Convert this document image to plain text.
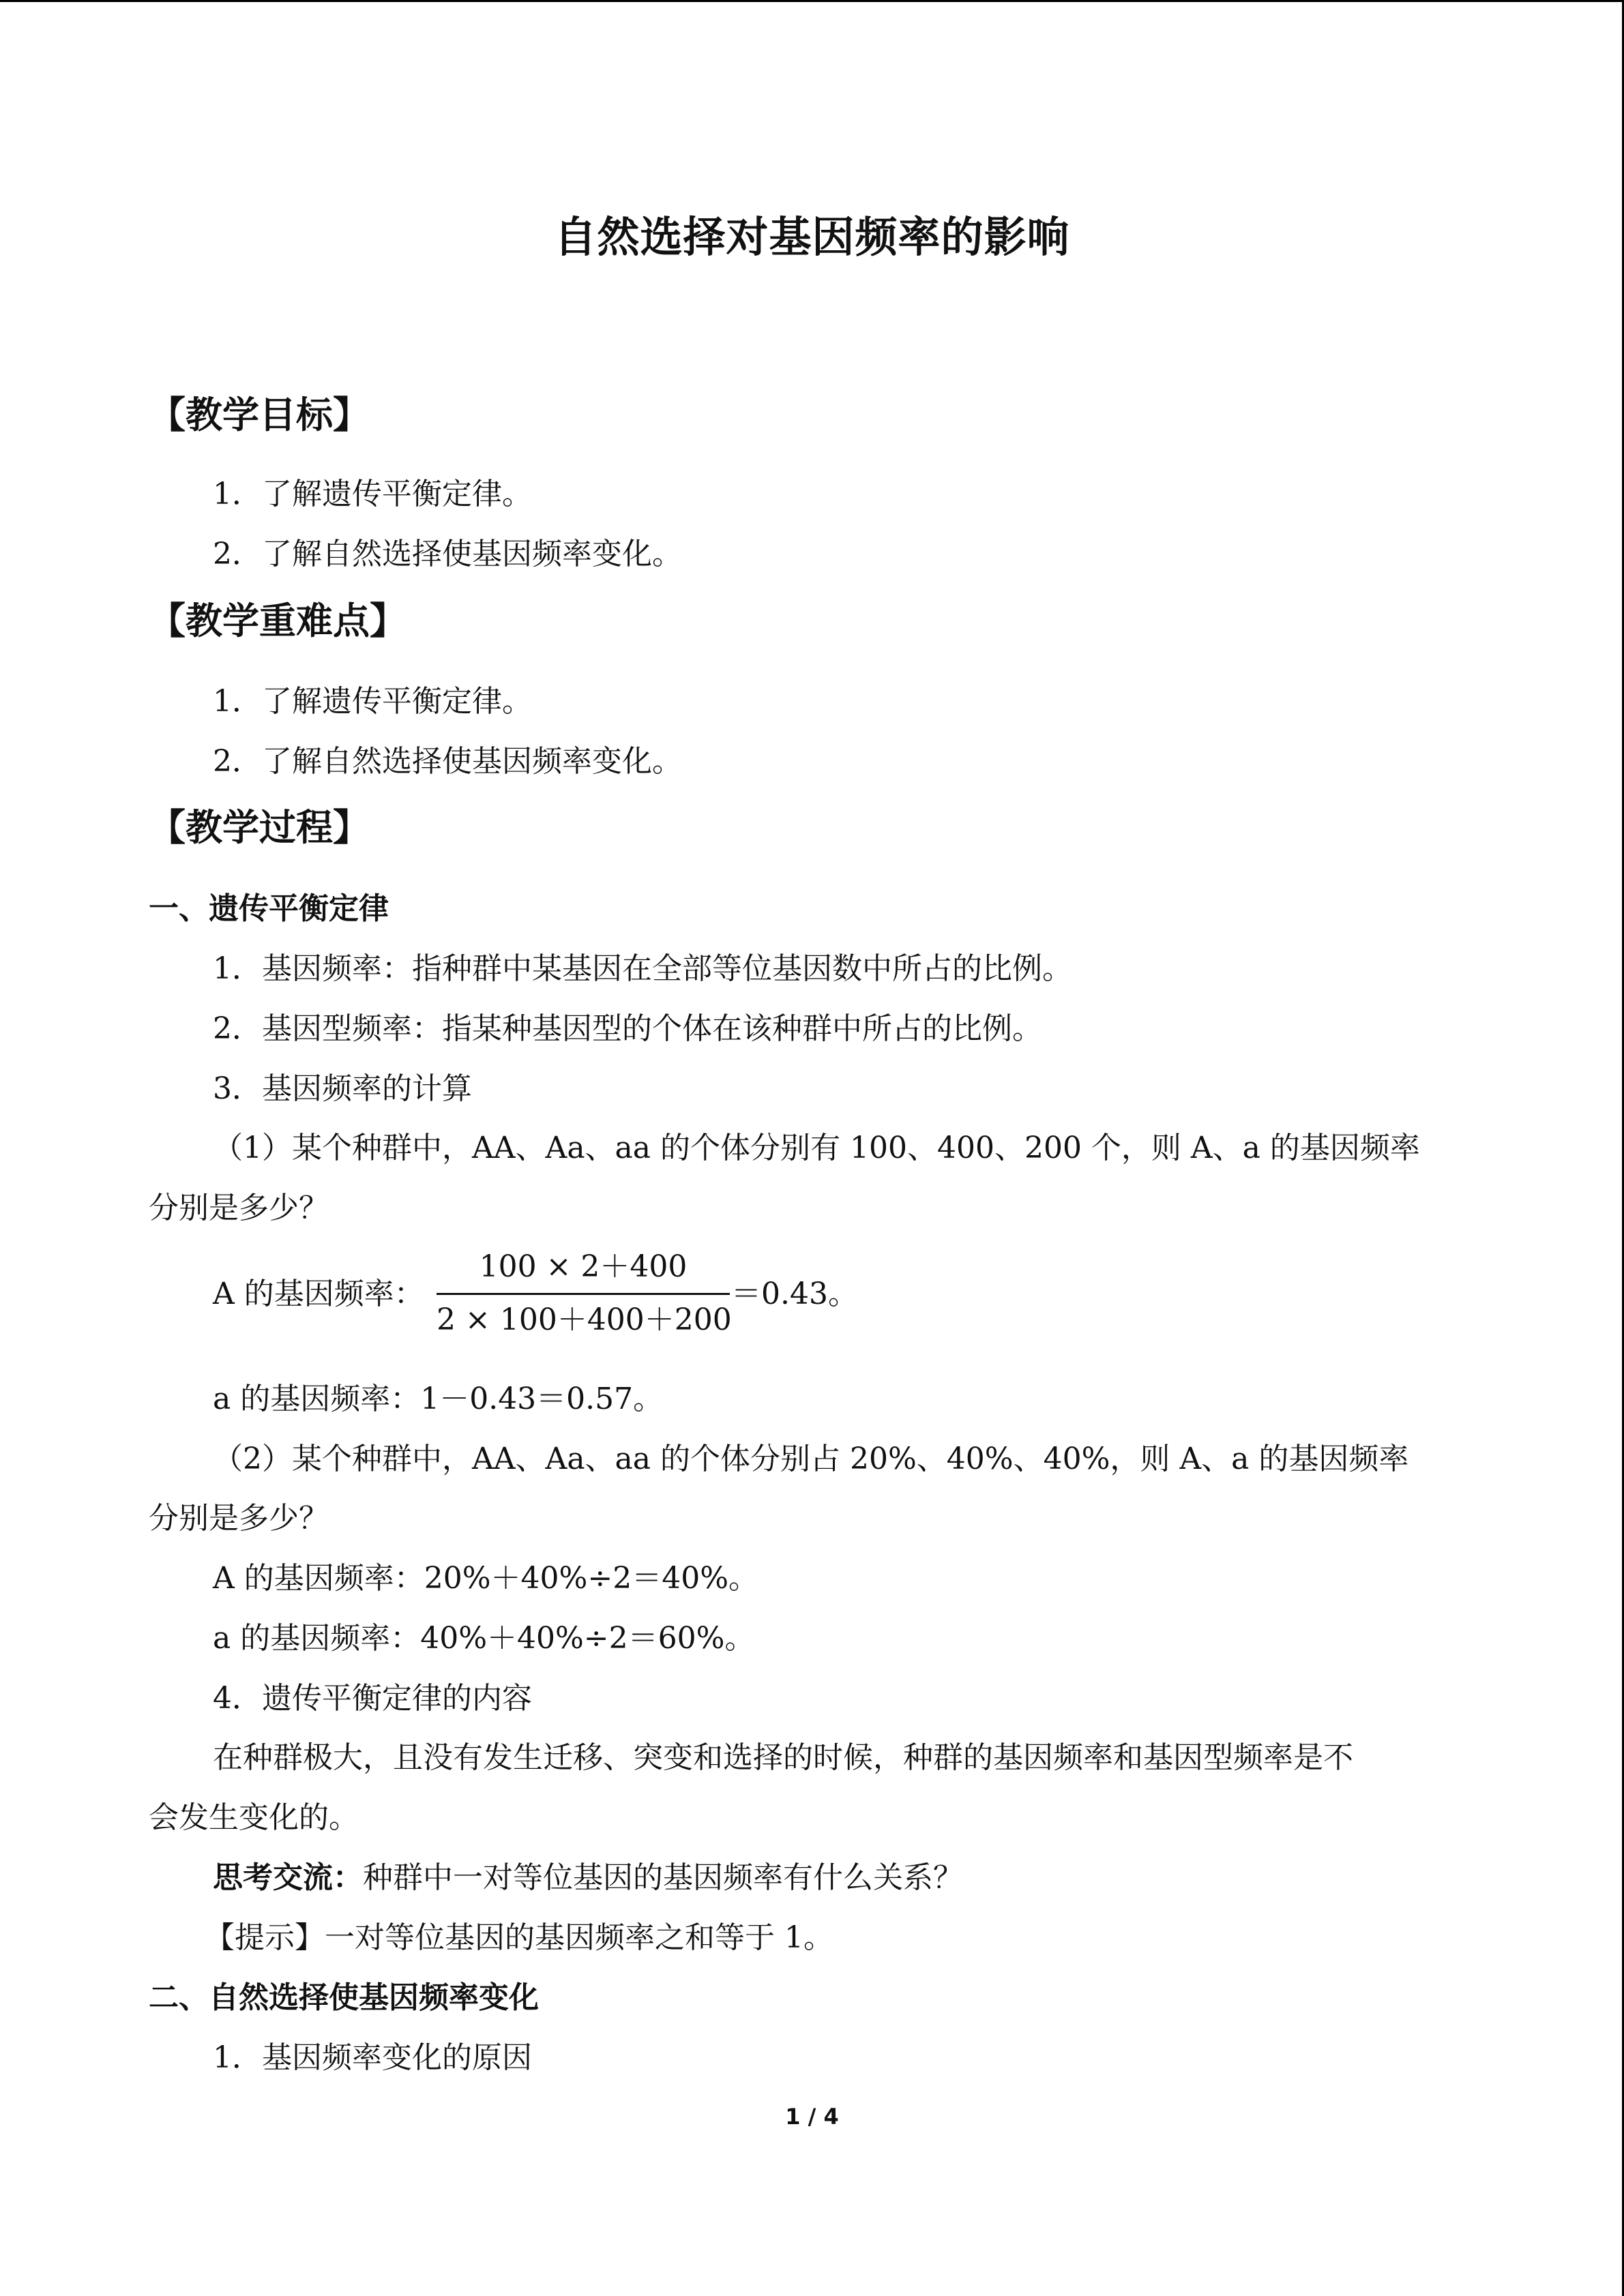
自然选择对基因频率的影响
【教学目标】
1．了解遗传平衡定律。
2．了解自然选择使基因频率变化。
【教学重难点】
1．了解遗传平衡定律。
2．了解自然选择使基因频率变化。
【教学过程】
一、遗传平衡定律
1．基因频率：指种群中某基因在全部等位基因数中所占的比例。
2．基因型频率：指某种基因型的个体在该种群中所占的比例。
3．基因频率的计算
（1）某个种群中，AA、Aa、aa 的个体分别有 100、400、200 个，则 A、a 的基因频率
分别是多少？
A 的基因频率：
100 × 2＋400
2 × 100＋400＋200
＝0.43。
a 的基因频率：1－0.43＝0.57。
（2）某个种群中，AA、Aa、aa 的个体分别占 20%、40%、40%，则 A、a 的基因频率
分别是多少？
A 的基因频率：20%＋40%÷2＝40%。
a 的基因频率：40%＋40%÷2＝60%。
4．遗传平衡定律的内容
在种群极大，且没有发生迁移、突变和选择的时候，种群的基因频率和基因型频率是不
会发生变化的。
思考交流：种群中一对等位基因的基因频率有什么关系？
【提示】一对等位基因的基因频率之和等于 1。
二、自然选择使基因频率变化
1．基因频率变化的原因
1 / 4
